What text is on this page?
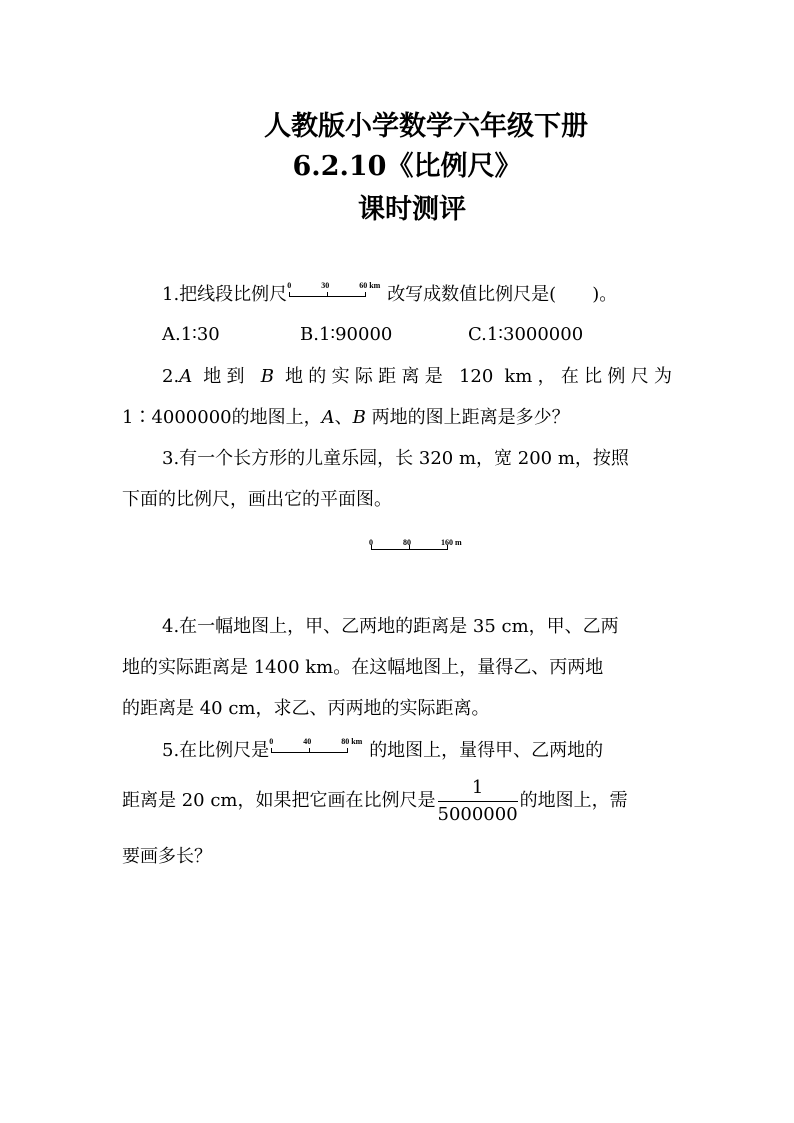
人教版小学数学六年级下册
6.2.10《比例尺》
课时测评
1.把线段比例尺 0	30	60 km 改写成数值比例尺是(　　)。
A.1∶30	B.1∶90000	C.1∶3000000
2.A 地到 B 地的实际距离是 120 km，在比例尺为
1∶4000000的地图上，A、B 两地的图上距离是多少？
3.有一个长方形的儿童乐园，长 320 m，宽 200 m，按照
下面的比例尺，画出它的平面图。
0	80	160 m
4.在一幅地图上，甲、乙两地的距离是 35 cm，甲、乙两
地的实际距离是 1400 km。在这幅地图上，量得乙、丙两地
的距离是 40 cm，求乙、丙两地的实际距离。
5.在比例尺是 0	40	80 km 的地图上，量得甲、乙两地的
距离是 20 cm，如果把它画在比例尺是 $\frac{1}{5000000}$ 的地图上，需
要画多长？
